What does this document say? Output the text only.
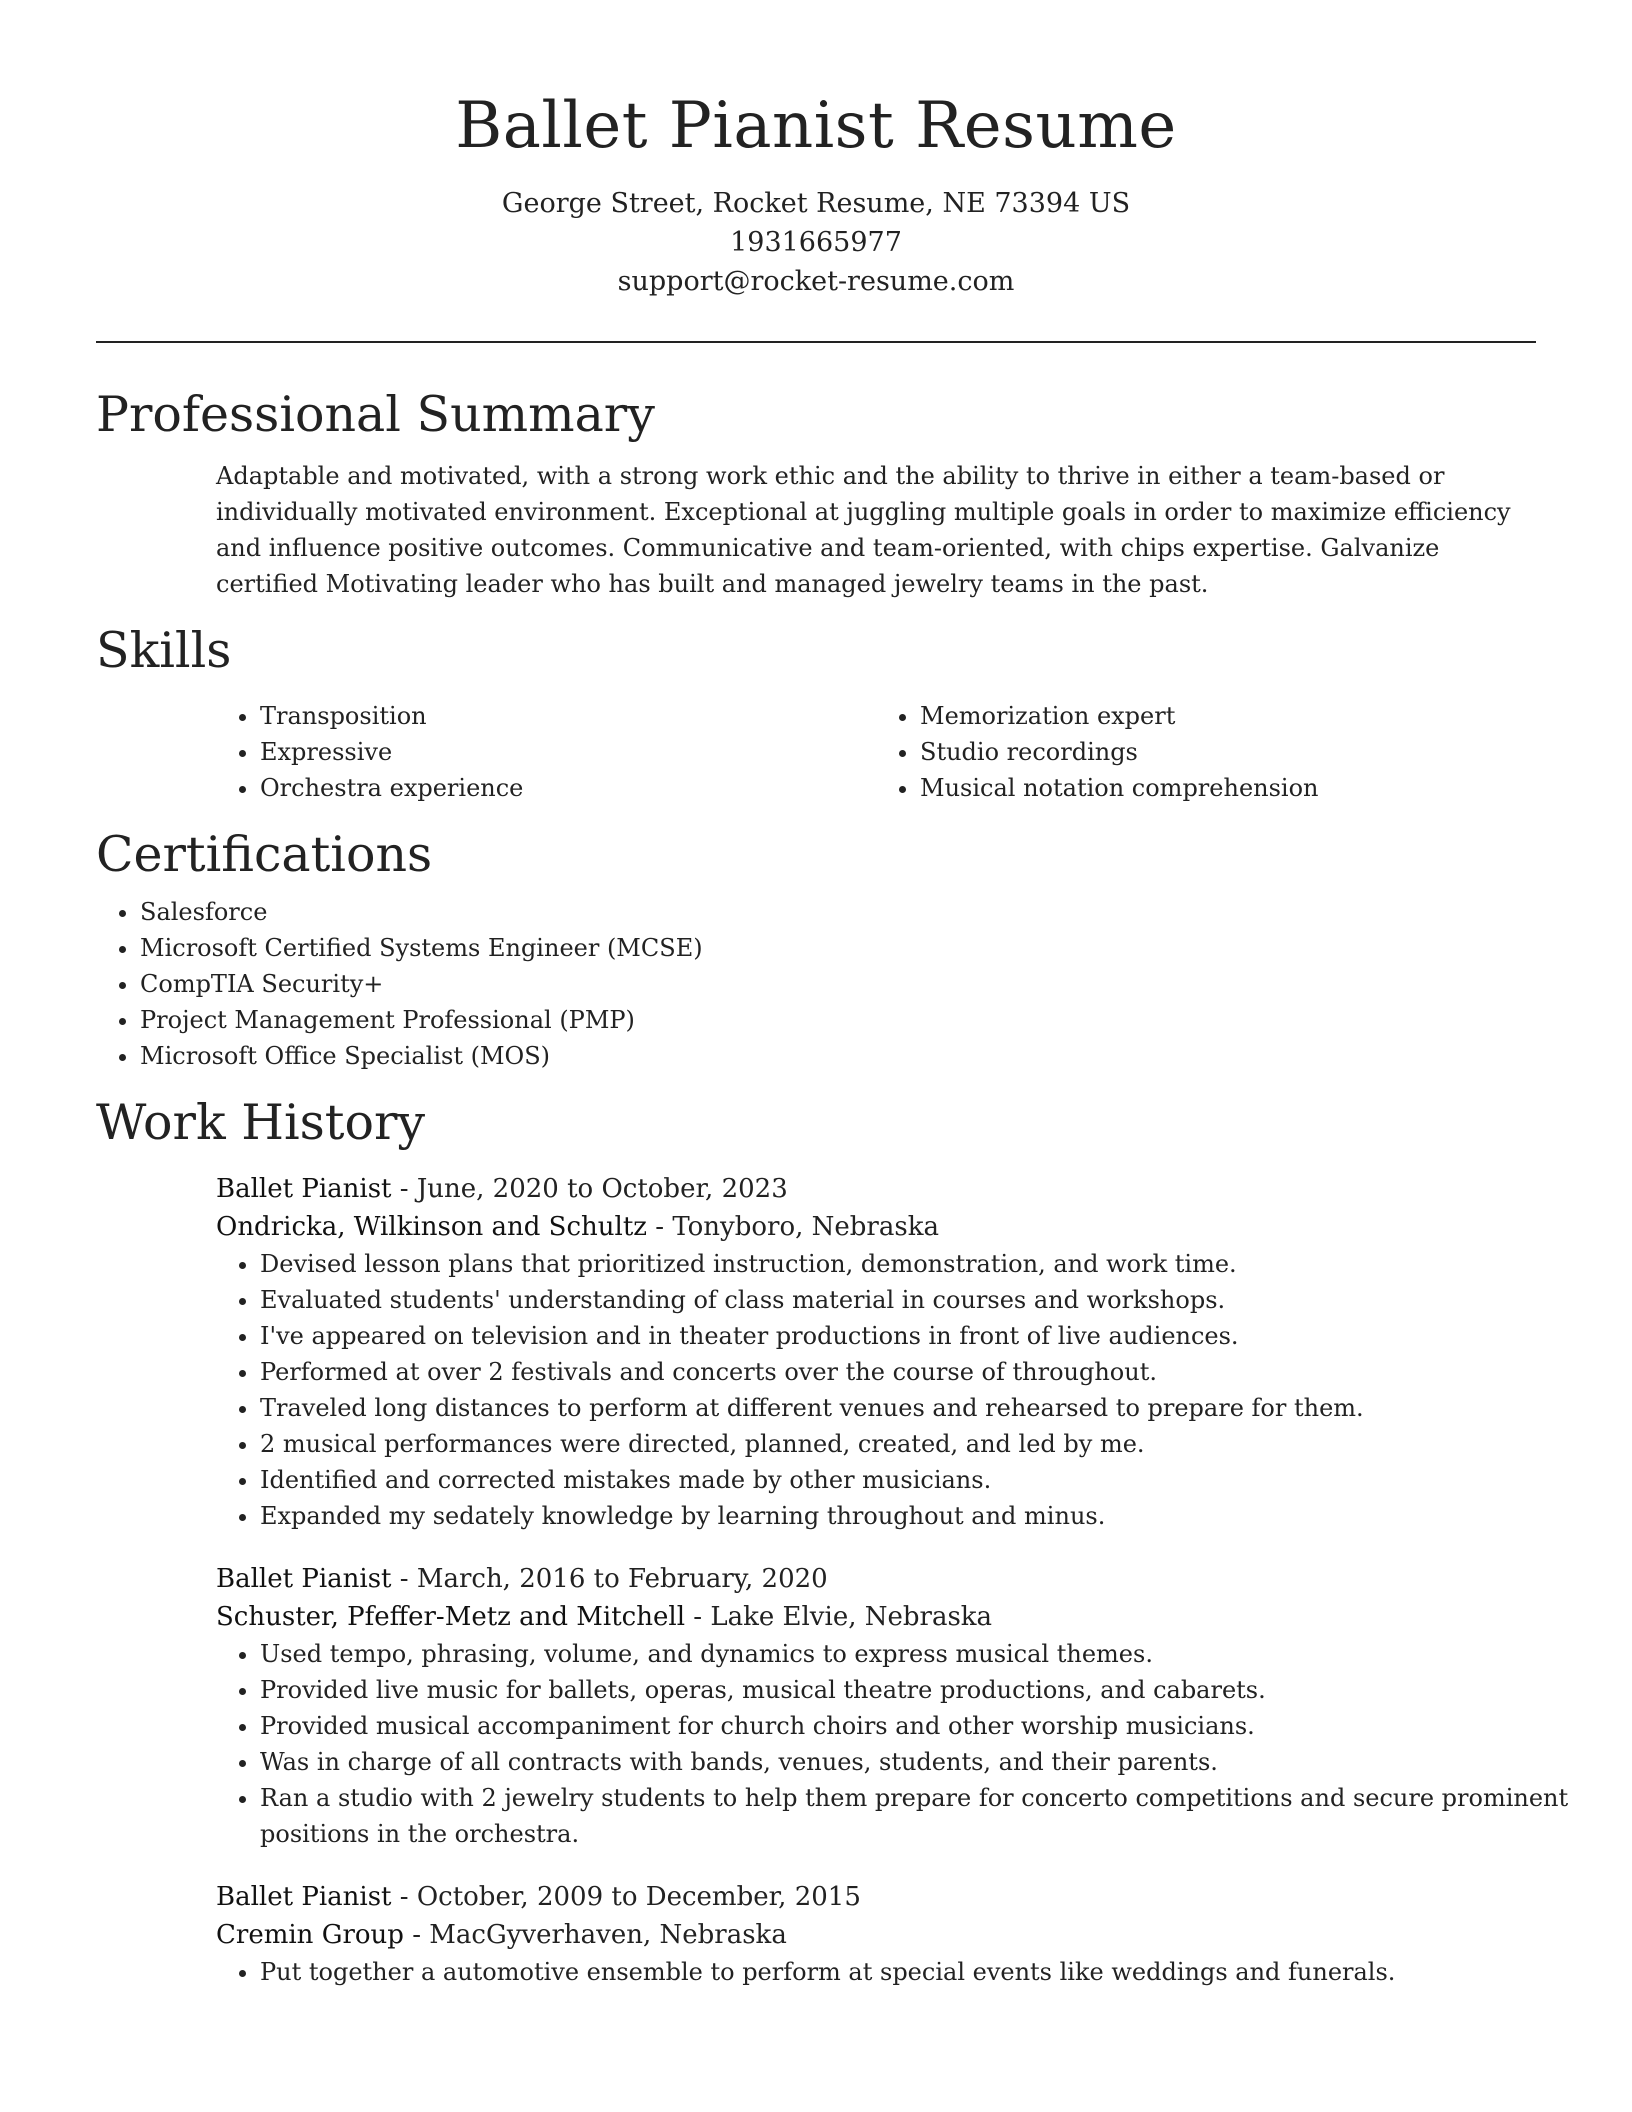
Ballet Pianist Resume
George Street, Rocket Resume, NE 73394 US
1931665977
support@rocket-resume.com
Professional Summary

Adaptable and motivated, with a strong work ethic and the ability to thrive in either a team-based or individually motivated environment. Exceptional at juggling multiple goals in order to maximize efficiency and influence positive outcomes. Communicative and team-oriented, with chips expertise. Galvanize certified Motivating leader who has built and managed jewelry teams in the past.

Skills
• Transposition
• Expressive
• Orchestra experience
• Memorization expert
• Studio recordings
• Musical notation comprehension
Certifications
• Salesforce
• Microsoft Certified Systems Engineer (MCSE)
• CompTIA Security+
• Project Management Professional (PMP)
• Microsoft Office Specialist (MOS)
Work History
Ballet Pianist - June, 2020 to October, 2023
Ondricka, Wilkinson and Schultz - Tonyboro, Nebraska
• Devised lesson plans that prioritized instruction, demonstration, and work time.
• Evaluated students' understanding of class material in courses and workshops.
• I've appeared on television and in theater productions in front of live audiences.
• Performed at over 2 festivals and concerts over the course of throughout.
• Traveled long distances to perform at different venues and rehearsed to prepare for them.
• 2 musical performances were directed, planned, created, and led by me.
• Identified and corrected mistakes made by other musicians.
• Expanded my sedately knowledge by learning throughout and minus.
Ballet Pianist - March, 2016 to February, 2020
Schuster, Pfeffer-Metz and Mitchell - Lake Elvie, Nebraska
• Used tempo, phrasing, volume, and dynamics to express musical themes.
• Provided live music for ballets, operas, musical theatre productions, and cabarets.
• Provided musical accompaniment for church choirs and other worship musicians.
• Was in charge of all contracts with bands, venues, students, and their parents.
• Ran a studio with 2 jewelry students to help them prepare for concerto competitions and secure prominent positions in the orchestra.
Ballet Pianist - October, 2009 to December, 2015
Cremin Group - MacGyverhaven, Nebraska
• Put together a automotive ensemble to perform at special events like weddings and funerals.
